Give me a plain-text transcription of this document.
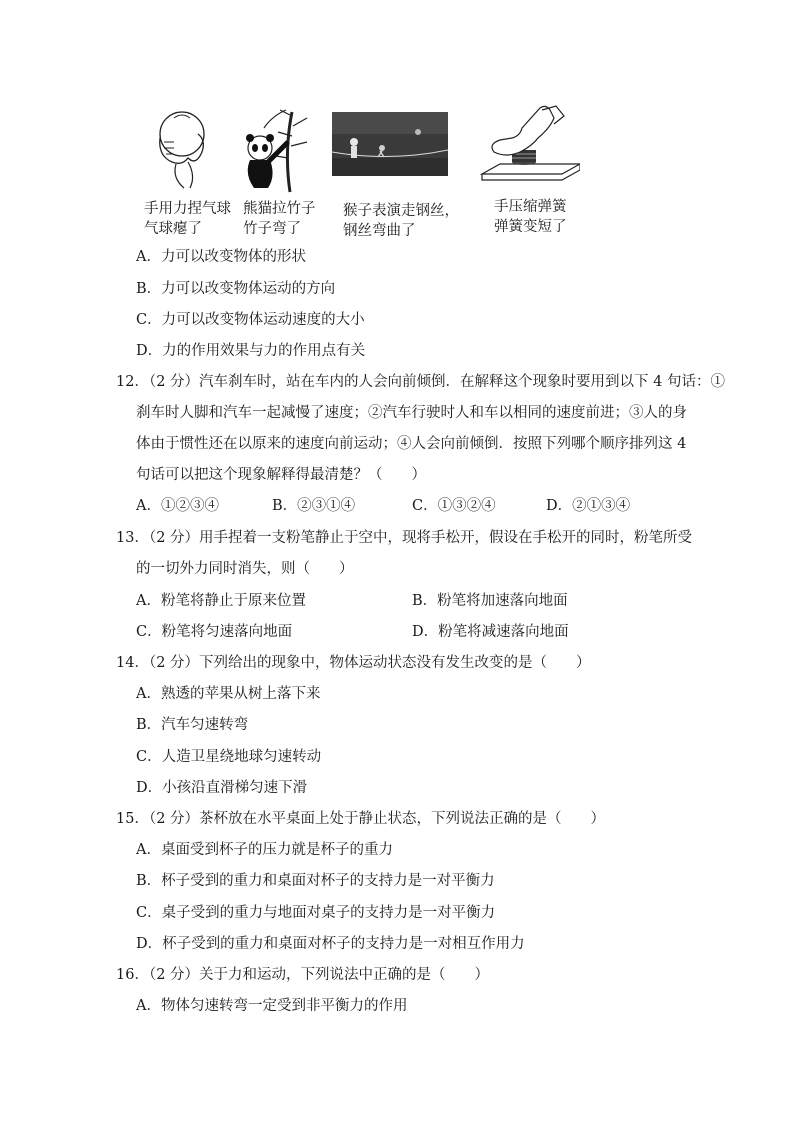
手用力捏气球
气球瘪了
熊猫拉竹子
竹子弯了
猴子表演走钢丝，
钢丝弯曲了
手压缩弹簧
弹簧变短了
A．力可以改变物体的形状
B．力可以改变物体运动的方向
C．力可以改变物体运动速度的大小
D．力的作用效果与力的作用点有关
12．（2 分）汽车刹车时，站在车内的人会向前倾倒．在解释这个现象时要用到以下 4 句话：①
刹车时人脚和汽车一起减慢了速度；②汽车行驶时人和车以相同的速度前进；③人的身
体由于惯性还在以原来的速度向前运动；④人会向前倾倒．按照下列哪个顺序排列这 4
句话可以把这个现象解释得最清楚？（　　）
A．①②③④	B．②③①④	C．①③②④	D．②①③④
13．（2 分）用手捏着一支粉笔静止于空中，现将手松开，假设在手松开的同时，粉笔所受
的一切外力同时消失，则（　　）
A．粉笔将静止于原来位置	B．粉笔将加速落向地面
C．粉笔将匀速落向地面	D．粉笔将减速落向地面
14．（2 分）下列给出的现象中，物体运动状态没有发生改变的是（　　）
A．熟透的苹果从树上落下来
B．汽车匀速转弯
C．人造卫星绕地球匀速转动
D．小孩沿直滑梯匀速下滑
15．（2 分）茶杯放在水平桌面上处于静止状态，下列说法正确的是（　　）
A．桌面受到杯子的压力就是杯子的重力
B．杯子受到的重力和桌面对杯子的支持力是一对平衡力
C．桌子受到的重力与地面对桌子的支持力是一对平衡力
D．杯子受到的重力和桌面对杯子的支持力是一对相互作用力
16．（2 分）关于力和运动，下列说法中正确的是（　　）
A．物体匀速转弯一定受到非平衡力的作用
